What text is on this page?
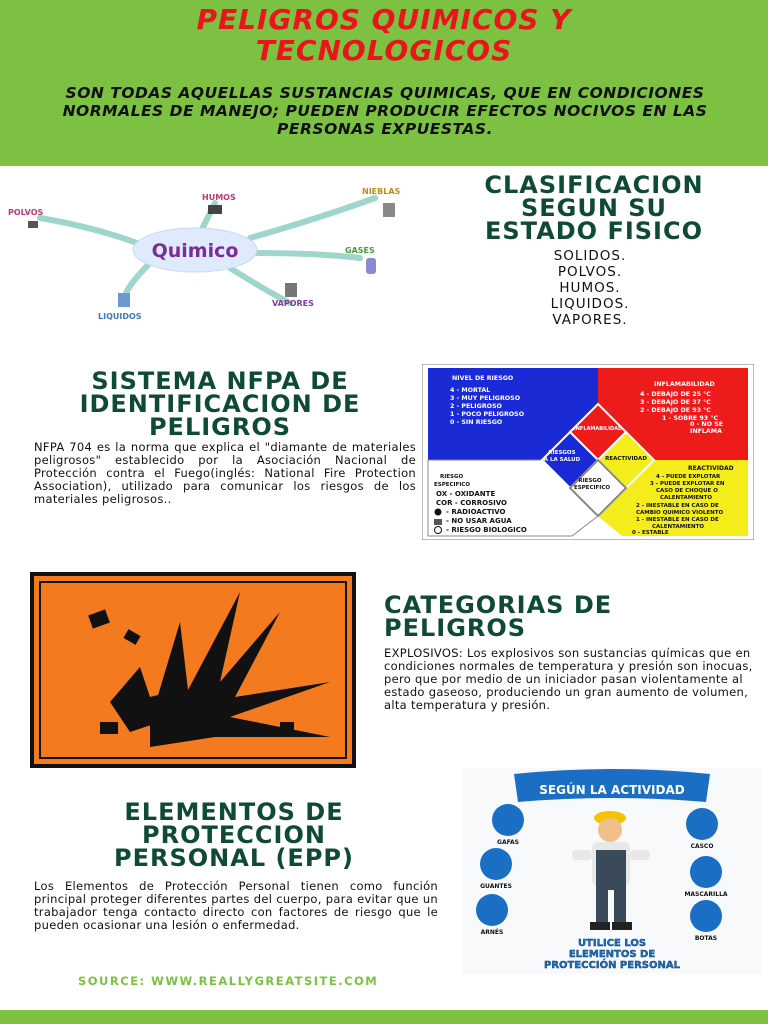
PELIGROS QUIMICOS Y
TECNOLOGICOS
SON TODAS AQUELLAS SUSTANCIAS QUIMICAS, QUE EN CONDICIONES NORMALES DE MANEJO; PUEDEN PRODUCIR EFECTOS NOCIVOS EN LAS PERSONAS EXPUESTAS.
Quimico
POLVOS
HUMOS
NIEBLAS
GASES
VAPORES
LIQUIDOS
CLASIFICACION
SEGUN SU
ESTADO FISICO
SOLIDOS.
POLVOS.
HUMOS.
LIQUIDOS.
VAPORES.
SISTEMA NFPA DE
IDENTIFICACION DE
PELIGROS
NFPA 704 es la norma que explica el "diamante de materiales peligrosos" establecido por la Asociación Nacional de Protección contra el Fuego(inglés: National Fire Protection Association), utilizado para comunicar los riesgos de los materiales peligrosos..
NIVEL DE RIESGO
4 - MORTAL
3 - MUY PELIGROSO
2 - PELIGROSO
1 - POCO PELIGROSO
0 - SIN RIESGO
INFLAMABILIDAD
4 - DEBAJO DE 25 °C
3 - DEBAJO DE 37 °C
2 - DEBAJO DE 93 °C
1 - SOBRE 93 °C
0 - NO SE
INFLAMA
INFLAMABILIDAD
RIESGOS
A LA SALUD	REACTIVIDAD
RIESGO
ESPECIFICO
RIESGO
ESPECIFICO
OX - OXIDANTE
COR - CORROSIVO
- RADIOACTIVO
- NO USAR AGUA
- RIESGO BIOLOGICO
REACTIVIDAD
4 - PUEDE EXPLOTAR
3 - PUEDE EXPLOTAR EN
CASO DE CHOQUE O
CALENTAMIENTO
2 - INESTABLE EN CASO DE
CAMBIO QUIMICO VIOLENTO
1 - INESTABLE EN CASO DE
CALENTAMIENTO
0 - ESTABLE
CATEGORIAS DE
PELIGROS
EXPLOSIVOS: Los explosivos son sustancias químicas que en condiciones normales de temperatura y presión son inocuas, pero que por medio de un iniciador pasan violentamente al estado gaseoso, produciendo un gran aumento de volumen, alta temperatura y presión.
ELEMENTOS DE
PROTECCION
PERSONAL (EPP)
Los Elementos de Protección Personal tienen como función principal proteger diferentes partes del cuerpo, para evitar que un trabajador tenga contacto directo con factores de riesgo que le pueden ocasionar una lesión o enfermedad.
SEGÚN LA ACTIVIDAD
GAFAS
CASCO
GUANTES
MASCARILLA
ARNÉS
BOTAS
UTILICE LOS
ELEMENTOS DE
PROTECCIÓN PERSONAL
SOURCE: WWW.REALLYGREATSITE.COM
